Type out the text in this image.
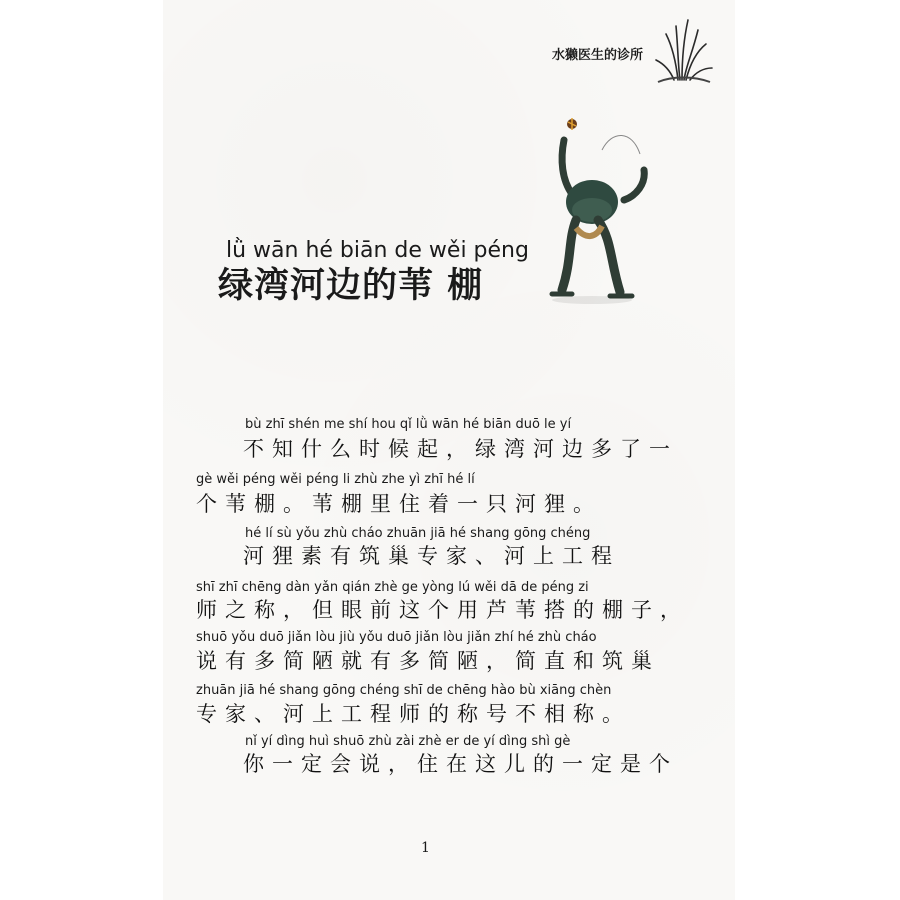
水獭医生的诊所
lǜ wān hé biān de wěi péng
绿湾河边的苇 棚
bù zhī shén me shí hou qǐ lǜ wān hé biān duō le yí
不知什么时候起，绿湾河边多了一
gè wěi péng wěi péng li zhù zhe yì zhī hé lí
个苇棚。苇棚里住着一只河狸。
hé lí sù yǒu zhù cháo zhuān jiā hé shang gōng chéng
河狸素有筑巢专家、河上工程
shī zhī chēng dàn yǎn qián zhè ge yòng lú wěi dā de péng zi
师之称，但眼前这个用芦苇搭的棚子，
shuō yǒu duō jiǎn lòu jiù yǒu duō jiǎn lòu jiǎn zhí hé zhù cháo
说有多简陋就有多简陋，简直和筑巢
zhuān jiā hé shang gōng chéng shī de chēng hào bù xiāng chèn
专家、河上工程师的称号不相称。
nǐ yí dìng huì shuō zhù zài zhè er de yí dìng shì gè
你一定会说，住在这儿的一定是个
1
